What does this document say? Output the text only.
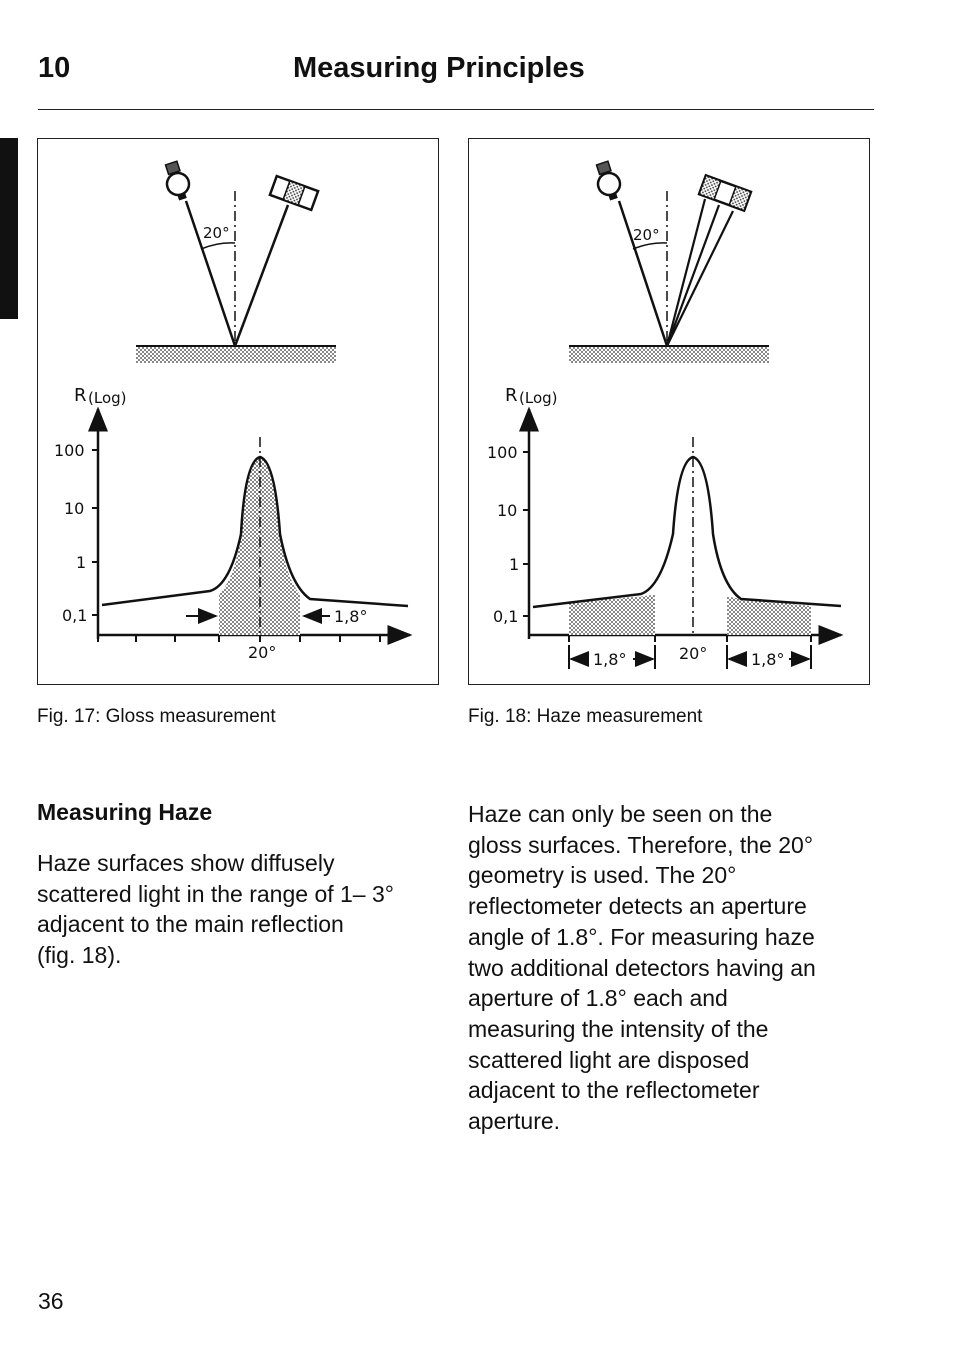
10	Measuring Principles
20°
R (Log)
100
10
1
0,1	1,8°
20°
20°
R (Log)
100
10
1
0,1
1,8°	1,8°
20°
Fig. 17: Gloss measurement	Fig. 18: Haze measurement
Measuring Haze
Haze surfaces show diffusely
scattered light in the range of 1– 3°
adjacent to the main reflection
(fig. 18).
Haze can only be seen on the
gloss surfaces. Therefore, the 20°
geometry is used. The 20°
reflectometer detects an aperture
angle of 1.8°. For measuring haze
two additional detectors having an
aperture of 1.8° each and
measuring the intensity of the
scattered light are disposed
adjacent to the reflectometer
aperture.
36
